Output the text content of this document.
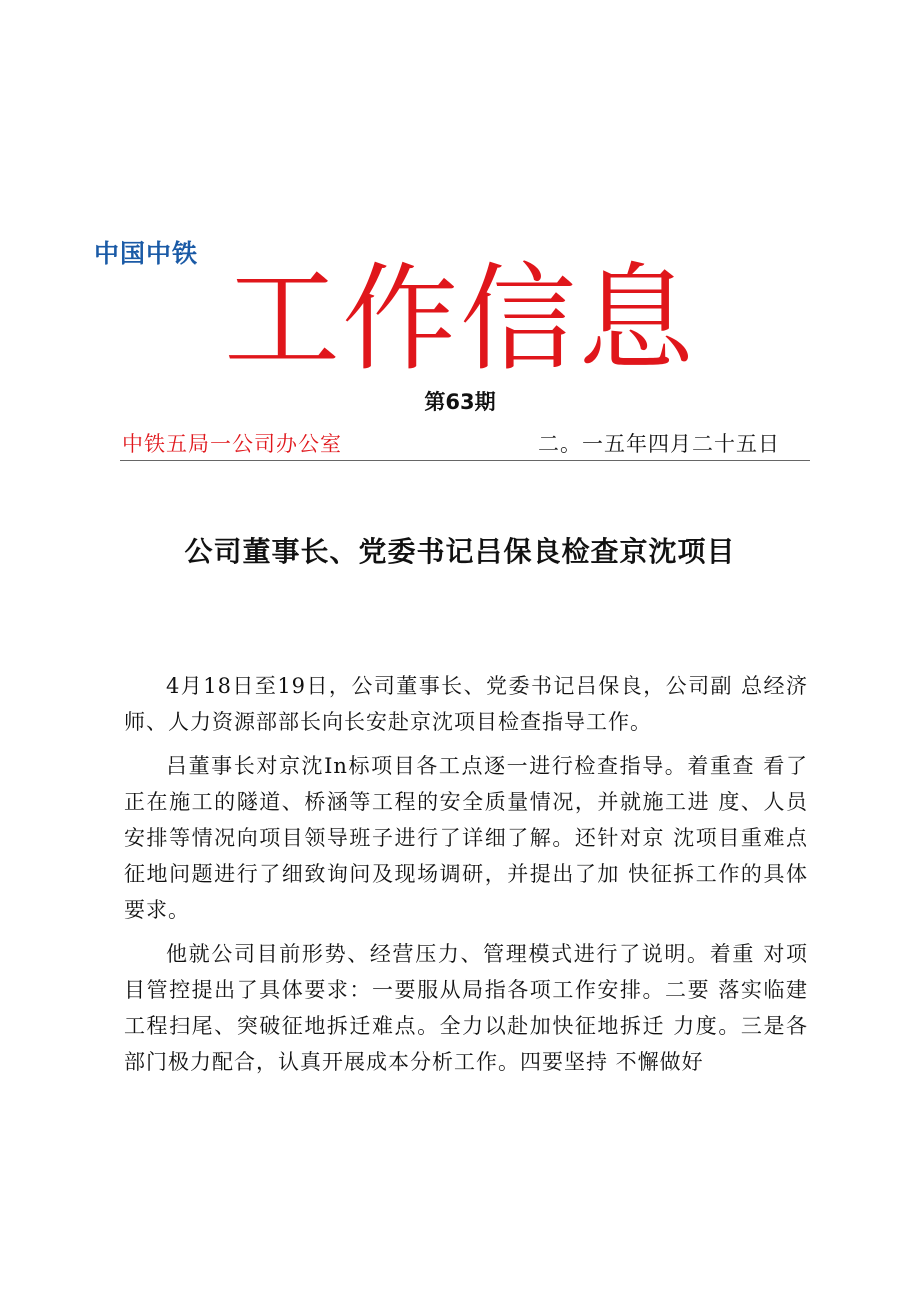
中国中铁 工作信息
第63期
中铁五局一公司办公室	二。一五年四月二十五日
公司董事长、党委书记吕保良检查京沈项目

4月18日至19日，公司董事长、党委书记吕保良，公司副 总经济师、人力资源部部长向长安赴京沈项目检查指导工作。

吕董事长对京沈In标项目各工点逐一进行检查指导。着重查 看了正在施工的隧道、桥涵等工程的安全质量情况，并就施工进 度、人员安排等情况向项目领导班子进行了详细了解。还针对京 沈项目重难点征地问题进行了细致询问及现场调研，并提出了加 快征拆工作的具体要求。

他就公司目前形势、经营压力、管理模式进行了说明。着重 对项目管控提出了具体要求：一要服从局指各项工作安排。二要 落实临建工程扫尾、突破征地拆迁难点。全力以赴加快征地拆迁 力度。三是各部门极力配合，认真开展成本分析工作。四要坚持 不懈做好
